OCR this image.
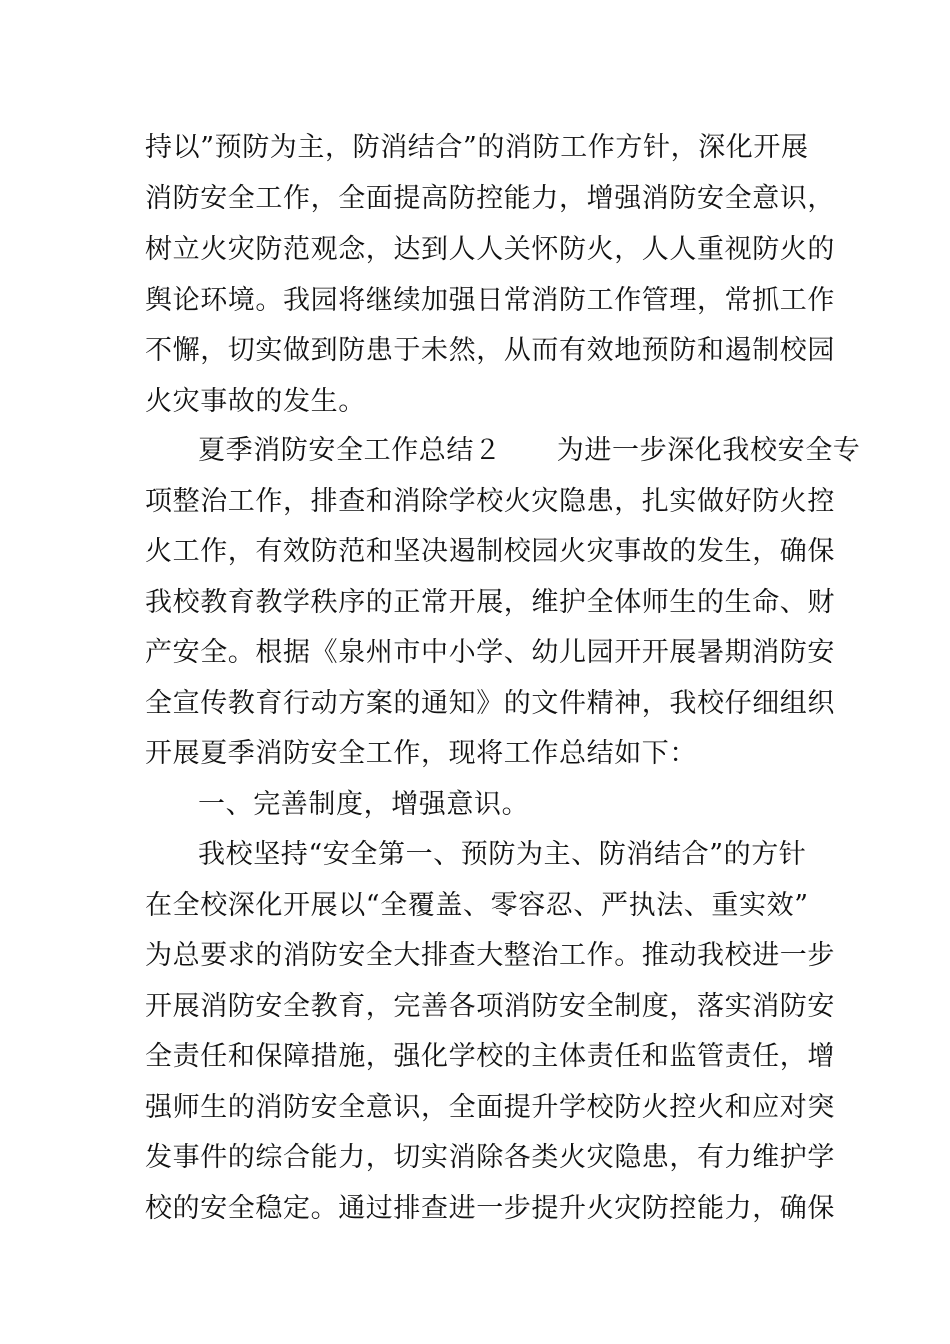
持以”预防为主，防消结合”的消防工作方针，深化开展
消防安全工作，全面提高防控能力，增强消防安全意识，
树立火灾防范观念，达到人人关怀防火，人人重视防火的
舆论环境。我园将继续加强日常消防工作管理，常抓工作
不懈，切实做到防患于未然，从而有效地预防和遏制校园
火灾事故的发生。
夏季消防安全工作总结２　　为进一步深化我校安全专
项整治工作，排查和消除学校火灾隐患，扎实做好防火控
火工作，有效防范和坚决遏制校园火灾事故的发生，确保
我校教育教学秩序的正常开展，维护全体师生的生命、财
产安全。根据《泉州市中小学、幼儿园开开展暑期消防安
全宣传教育行动方案的通知》的文件精神，我校仔细组织
开展夏季消防安全工作，现将工作总结如下：
一、完善制度，增强意识。
我校坚持“安全第一、预防为主、防消结合”的方针
在全校深化开展以“全覆盖、零容忍、严执法、重实效”
为总要求的消防安全大排查大整治工作。推动我校进一步
开展消防安全教育，完善各项消防安全制度，落实消防安
全责任和保障措施，强化学校的主体责任和监管责任，增
强师生的消防安全意识，全面提升学校防火控火和应对突
发事件的综合能力，切实消除各类火灾隐患，有力维护学
校的安全稳定。通过排查进一步提升火灾防控能力，确保
